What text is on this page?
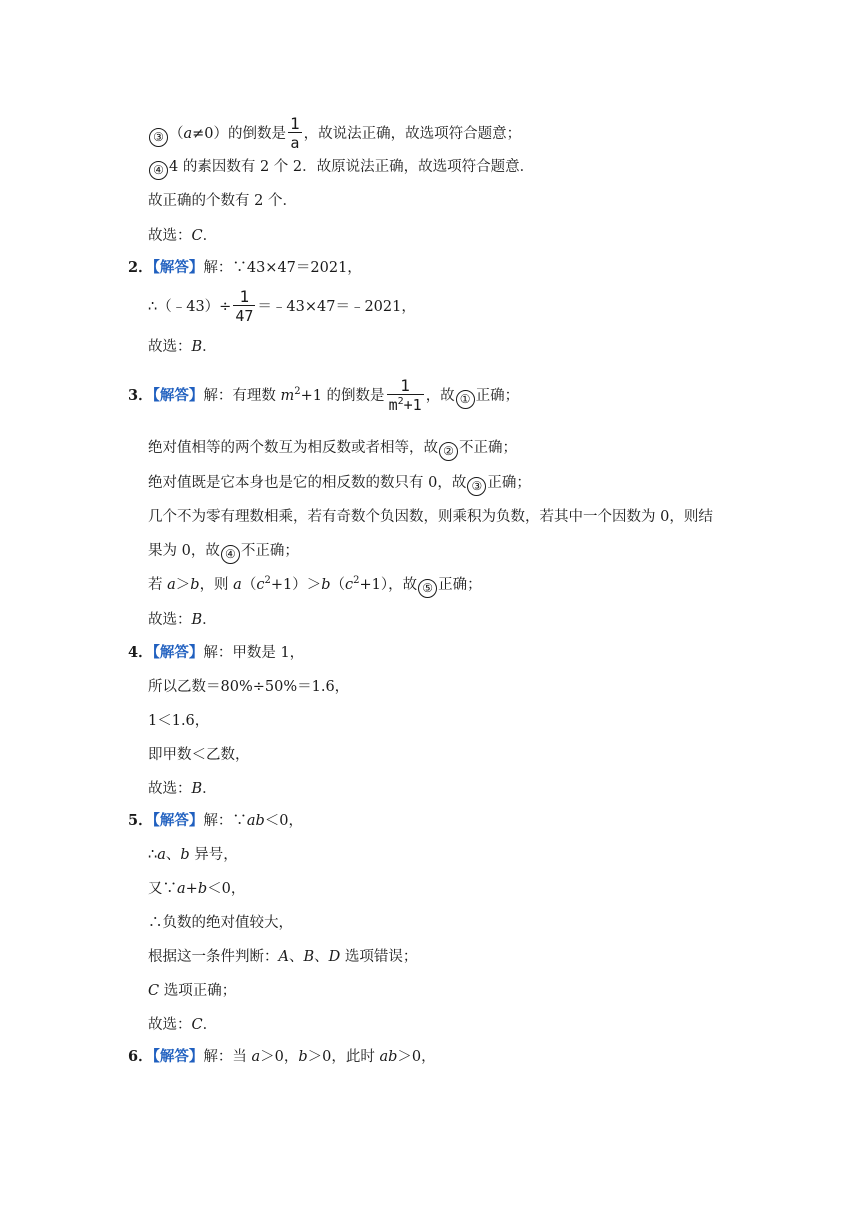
③ （a≠0）的倒数是 $\frac{1}{a}$ ，故说法正确，故选项符合题意；
④ 4 的素因数有 2 个 2．故原说法正确，故选项符合题意．
故正确的个数有 2 个．
故选：C．
2．【解答】解：∵43×47＝2021，
∴（﹣43）÷ $\frac{1}{47}$ ＝﹣43×47＝﹣2021，
故选：B．
3．【解答】解：有理数 $m^2+1$ 的倒数是 $\frac{1}{m^2+1}$ ，故 ① 正确；
绝对值相等的两个数互为相反数或者相等，故 ② 不正确；
绝对值既是它本身也是它的相反数的数只有 0，故 ③ 正确；
几个不为零有理数相乘，若有奇数个负因数，则乘积为负数，若其中一个因数为 0，则结
果为 0，故 ④ 不正确；
若 a＞b，则 $a(c^2+1)>b(c^2+1)$，故 ⑤ 正确；
故选：B．
4．【解答】解：甲数是 1，
所以乙数＝80%÷50%＝1.6，
1＜1.6，
即甲数＜乙数，
故选：B．
5．【解答】解：∵ab＜0，
∴a、b 异号，
又∵a+b＜0，
∴负数的绝对值较大，
根据这一条件判断：A、B、D 选项错误；
C 选项正确；
故选：C．
6．【解答】解：当 a＞0，b＞0，此时 ab＞0，
